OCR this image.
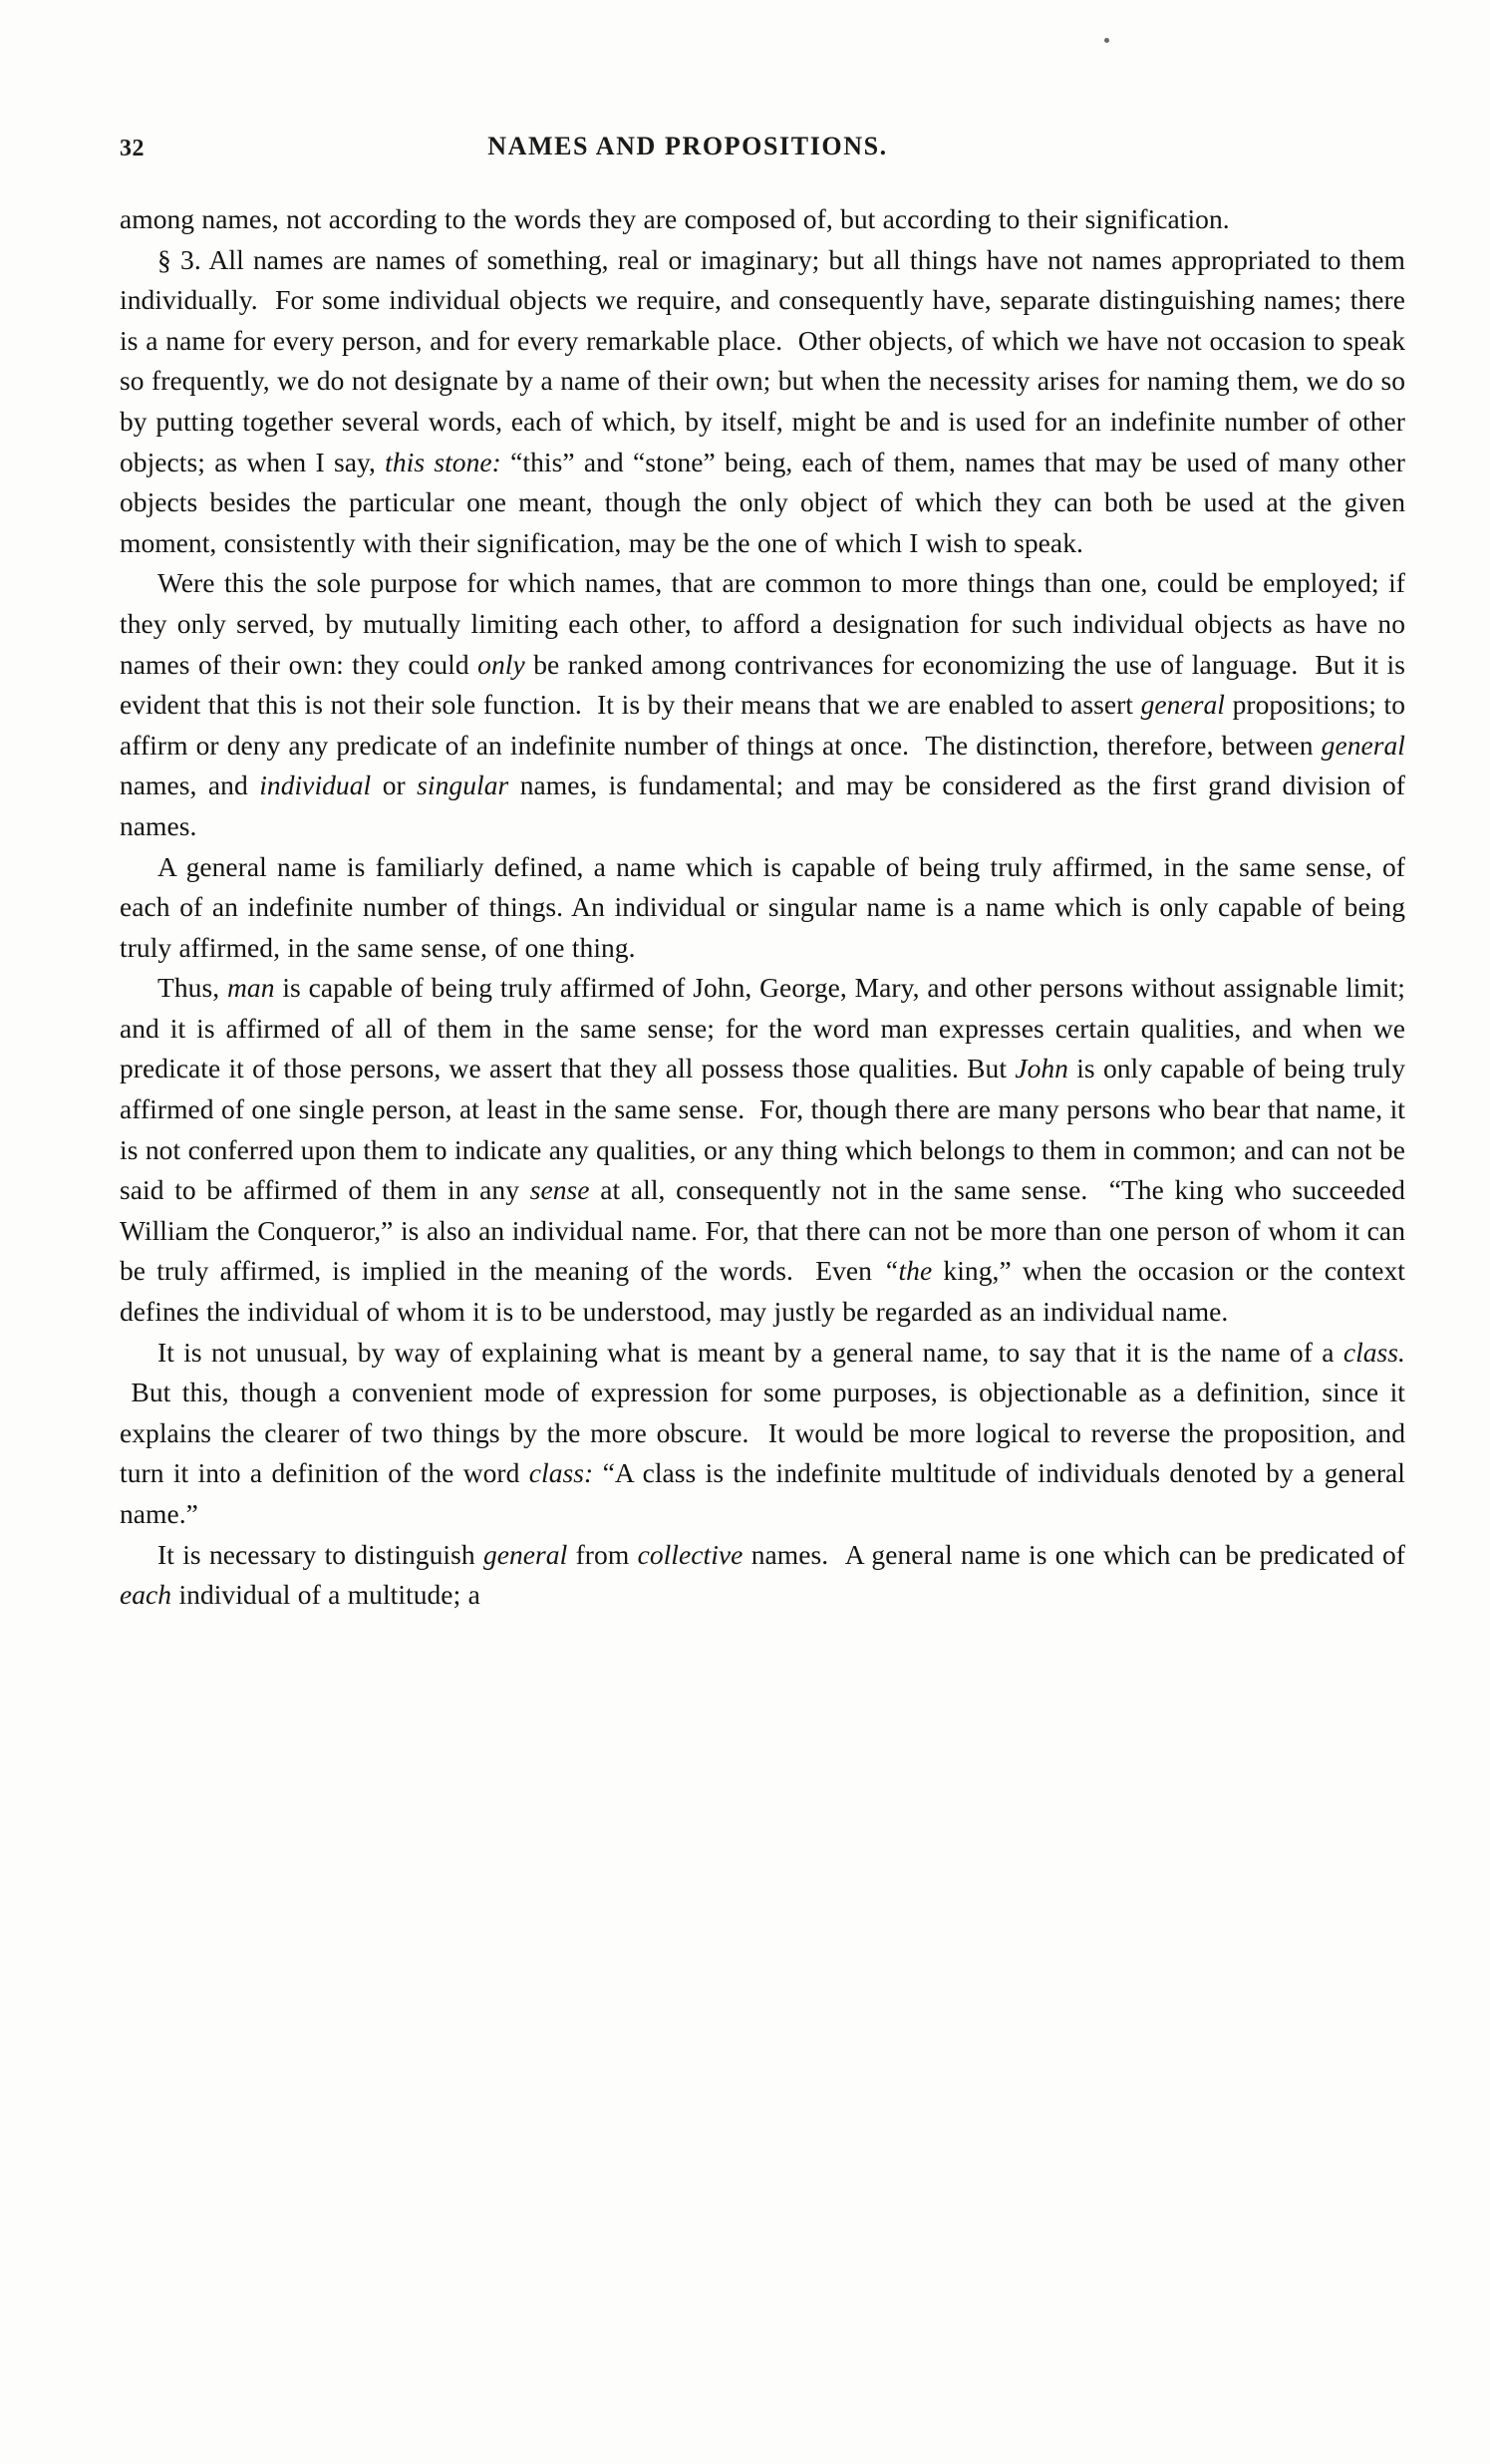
32	NAMES AND PROPOSITIONS.

among names, not according to the words they are composed of, but according to their signification.

§ 3. All names are names of something, real or imaginary; but all things have not names appropriated to them individually.  For some individual objects we require, and consequently have, separate distinguishing names; there is a name for every person, and for every remarkable place.  Other objects, of which we have not occasion to speak so frequently, we do not designate by a name of their own; but when the necessity arises for naming them, we do so by putting together several words, each of which, by itself, might be and is used for an indefinite number of other objects; as when I say, this stone: “this” and “stone” being, each of them, names that may be used of many other objects besides the particular one meant, though the only object of which they can both be used at the given moment, consistently with their signification, may be the one of which I wish to speak.

Were this the sole purpose for which names, that are common to more things than one, could be employed; if they only served, by mutually limiting each other, to afford a designation for such individual objects as have no names of their own: they could only be ranked among contrivances for economizing the use of language.  But it is evident that this is not their sole function.  It is by their means that we are enabled to assert general propositions; to affirm or deny any predicate of an indefinite number of things at once.  The distinction, therefore, between general names, and individual or singular names, is fundamental; and may be considered as the first grand division of names.

A general name is familiarly defined, a name which is capable of being truly affirmed, in the same sense, of each of an indefinite number of things. An individual or singular name is a name which is only capable of being truly affirmed, in the same sense, of one thing.

Thus, man is capable of being truly affirmed of John, George, Mary, and other persons without assignable limit; and it is affirmed of all of them in the same sense; for the word man expresses certain qualities, and when we predicate it of those persons, we assert that they all possess those qualities. But John is only capable of being truly affirmed of one single person, at least in the same sense.  For, though there are many persons who bear that name, it is not conferred upon them to indicate any qualities, or any thing which belongs to them in common; and can not be said to be affirmed of them in any sense at all, consequently not in the same sense.  “The king who succeeded William the Conqueror,” is also an individual name. For, that there can not be more than one person of whom it can be truly affirmed, is implied in the meaning of the words.  Even “the king,” when the occasion or the context defines the individual of whom it is to be understood, may justly be regarded as an individual name.

It is not unusual, by way of explaining what is meant by a general name, to say that it is the name of a class.  But this, though a convenient mode of expression for some purposes, is objectionable as a definition, since it explains the clearer of two things by the more obscure.  It would be more logical to reverse the proposition, and turn it into a definition of the word class: “A class is the indefinite multitude of individuals denoted by a general name.”

It is necessary to distinguish general from collective names.  A general name is one which can be predicated of each individual of a multitude; a
